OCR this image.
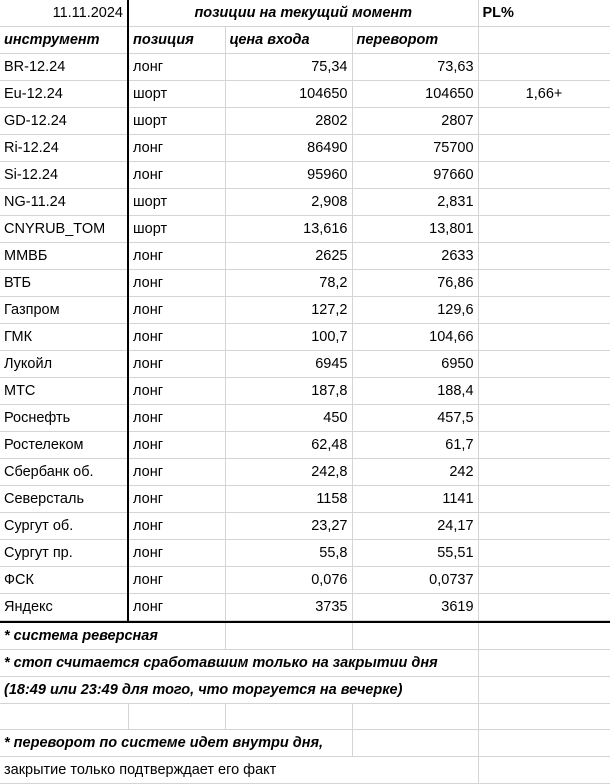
11.11.2024	позиции на текущий момент			PL%
инструмент	позиция	цена входа	переворот	
BR-12.24	лонг	75,34	73,63	
Eu-12.24	шорт	104650	104650	1,66+
GD-12.24	шорт	2802	2807	
Ri-12.24	лонг	86490	75700	
Si-12.24	лонг	95960	97660	
NG-11.24	шорт	2,908	2,831	
CNYRUB_TOM	шорт	13,616	13,801	
ММВБ	лонг	2625	2633	
ВТБ	лонг	78,2	76,86	
Газпром	лонг	127,2	129,6	
ГМК	лонг	100,7	104,66	
Лукойл	лонг	6945	6950	
МТС	лонг	187,8	188,4	
Роснефть	лонг	450	457,5	
Ростелеком	лонг	62,48	61,7	
Сбербанк об.	лонг	242,8	242	
Северсталь	лонг	1158	1141	
Сургут об.	лонг	23,27	24,17	
Сургут пр.	лонг	55,8	55,51	
ФСК	лонг	0,076	0,0737	
Яндекс	лонг	3735	3619	
* система реверсная				
* стоп считается сработавшим только на закрытии дня				
(18:49 или 23:49 для того, что торгуется на вечерке)				

* переворот по системе идет внутри дня,				
закрытие только подтверждает его факт				
